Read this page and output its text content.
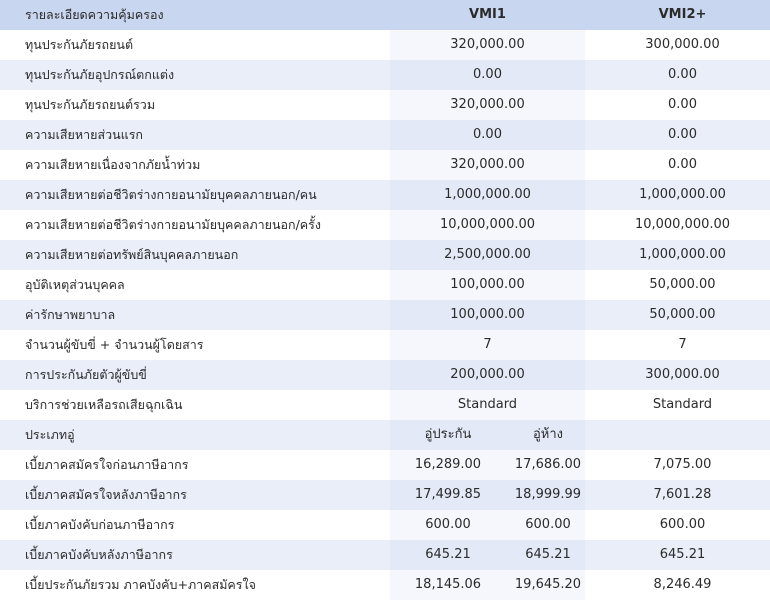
รายละเอียดความคุ้มครอง	VMI1	VMI2+
ทุนประกันภัยรถยนต์	320,000.00	300,000.00
ทุนประกันภัยอุปกรณ์ตกแต่ง	0.00	0.00
ทุนประกันภัยรถยนต์รวม	320,000.00	0.00
ความเสียหายส่วนแรก	0.00	0.00
ความเสียหายเนื่องจากภัยน้ำท่วม	320,000.00	0.00
ความเสียหายต่อชีวิตร่างกายอนามัยบุคคลภายนอก/คน	1,000,000.00	1,000,000.00
ความเสียหายต่อชีวิตร่างกายอนามัยบุคคลภายนอก/ครั้ง	10,000,000.00	10,000,000.00
ความเสียหายต่อทรัพย์สินบุคคลภายนอก	2,500,000.00	1,000,000.00
อุบัติเหตุส่วนบุคคล	100,000.00	50,000.00
ค่ารักษาพยาบาล	100,000.00	50,000.00
จำนวนผู้ขับขี่ + จำนวนผู้โดยสาร	7	7
การประกันภัยตัวผู้ขับขี่	200,000.00	300,000.00
บริการช่วยเหลือรถเสียฉุกเฉิน	Standard	Standard
ประเภทอู่	อู่ประกัน	อู่ห้าง
เบี้ยภาคสมัครใจก่อนภาษีอากร	16,289.00	17,686.00	7,075.00
เบี้ยภาคสมัครใจหลังภาษีอากร	17,499.85	18,999.99	7,601.28
เบี้ยภาคบังคับก่อนภาษีอากร	600.00	600.00	600.00
เบี้ยภาคบังคับหลังภาษีอากร	645.21	645.21	645.21
เบี้ยประกันภัยรวม ภาคบังคับ+ภาคสมัครใจ	18,145.06	19,645.20	8,246.49
